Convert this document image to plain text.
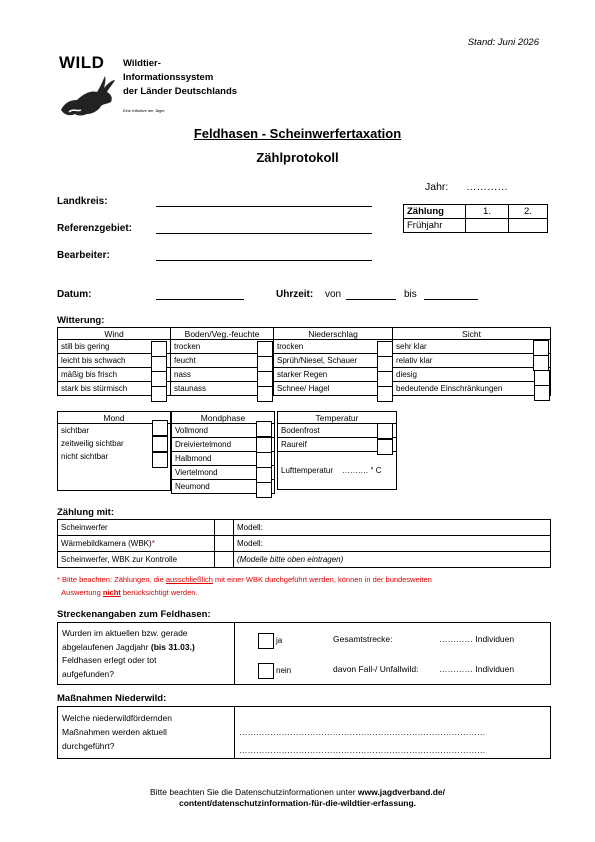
Stand: Juni 2026
WILD Wildtier-
Informationssystem
der Länder Deutschlands
Eine Initiative der Jäger
Feldhasen - Scheinwerfertaxation
Zählprotokoll
Jahr: …………
Landkreis:
Referenzgebiet:
Bearbeiter:
Zählung	1.	2.
Frühjahr		
Datum:	Uhrzeit: von	bis
Witterung:
Wind	Boden/Veg.-feuchte	Niederschlag	Sicht
still bis gering	trocken	trocken	sehr klar
leicht bis schwach	feucht	Sprüh/Niesel, Schauer	relativ klar
mäßig bis frisch	nass	starker Regen	diesig
stark bis stürmisch	staunass	Schnee/ Hagel	bedeutende Einschränkungen
Mond
sichtbar
zeitweilig sichtbar
nicht sichtbar

Mondphase
Vollmond
Dreiviertelmond
Halbmond
Viertelmond
Neumond
Temperatur
Bodenfrost
Raureif
Lufttemperatur ………. ° C
Zählung mit:
Scheinwerfer		Modell:
Wärmebildkamera (WBK)*		Modell:
Scheinwerfer, WBK zur Kontrolle		(Modelle bitte oben eintragen)
* Bitte beachten: Zählungen, die ausschließlich mit einer WBK durchgeführt werden, können in der bundesweiten
Auswertung nicht berücksichtigt werden.
Streckenangaben zum Feldhasen:
Wurden im aktuellen bzw. gerade
abgelaufenen Jagdjahr (bis 31.03.)
Feldhasen erlegt oder tot
aufgefunden?
ja
nein
Gesamtstrecke:	………… Individuen
davon Fall-/ Unfallwild: ………… Individuen
Maßnahmen Niederwild:
Welche niederwildfördernden
Maßnahmen werden aktuell
durchgeführt?
……………………………………………………………………………
……………………………………………………………………………
Bitte beachten Sie die Datenschutzinformationen unter www.jagdverband.de/
content/datenschutzinformation-für-die-wildtier-erfassung.
